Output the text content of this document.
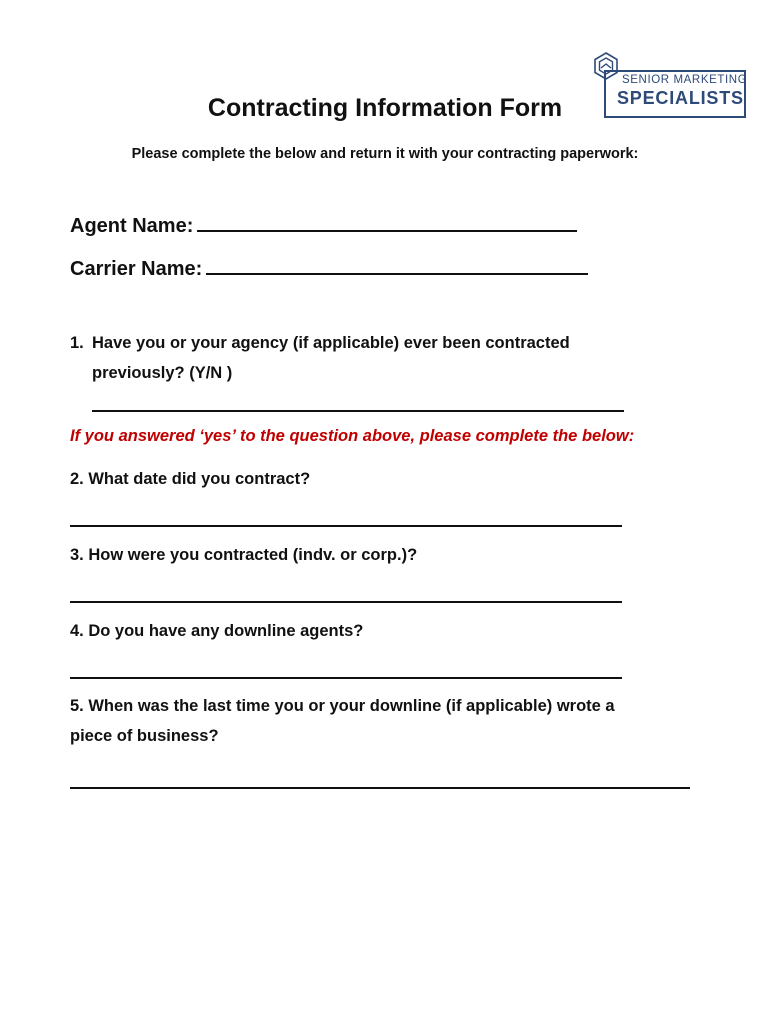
SENIOR MARKETING
SPECIALISTS
Contracting Information Form
Please complete the below and return it with your contracting paperwork:
Agent Name:
Carrier Name:
1. Have you or your agency (if applicable) ever been contracted
previously? (Y/N )
If you answered ‘yes’ to the question above, please complete the below:
2. What date did you contract?
3. How were you contracted (indv. or corp.)?
4. Do you have any downline agents?
5. When was the last time you or your downline (if applicable) wrote a
piece of business?
